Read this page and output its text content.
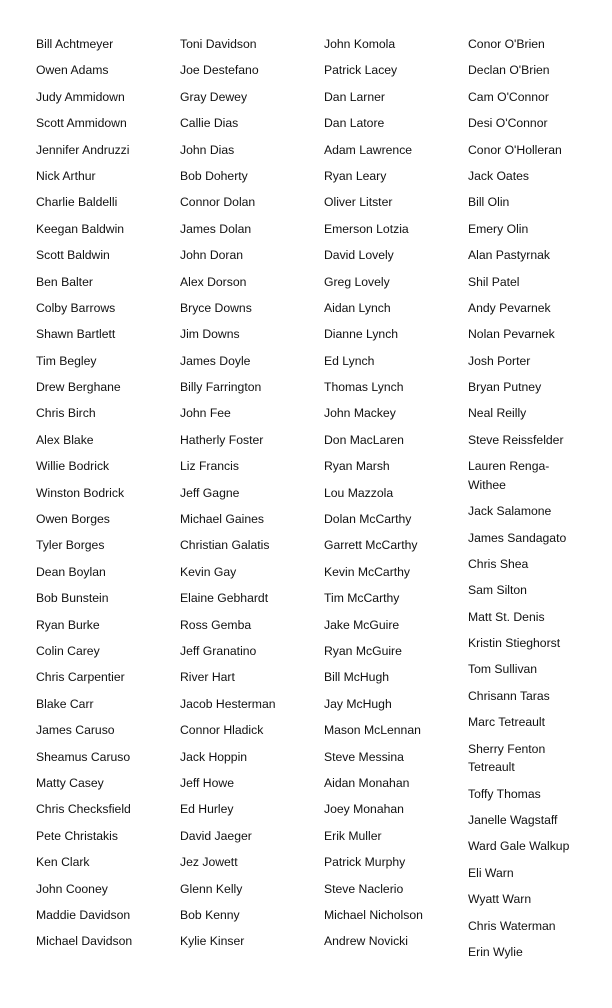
Bill Achtmeyer
Owen Adams
Judy Ammidown
Scott Ammidown
Jennifer Andruzzi
Nick Arthur
Charlie Baldelli
Keegan Baldwin
Scott Baldwin
Ben Balter
Colby Barrows
Shawn Bartlett
Tim Begley
Drew Berghane
Chris Birch
Alex Blake
Willie Bodrick
Winston Bodrick
Owen Borges
Tyler Borges
Dean Boylan
Bob Bunstein
Ryan Burke
Colin Carey
Chris Carpentier
Blake Carr
James Caruso
Sheamus Caruso
Matty Casey
Chris Checksfield
Pete Christakis
Ken Clark
John Cooney
Maddie Davidson
Michael Davidson
Toni Davidson
Joe Destefano
Gray Dewey
Callie Dias
John Dias
Bob Doherty
Connor Dolan
James Dolan
John Doran
Alex Dorson
Bryce Downs
Jim Downs
James Doyle
Billy Farrington
John Fee
Hatherly Foster
Liz Francis
Jeff Gagne
Michael Gaines
Christian Galatis
Kevin Gay
Elaine Gebhardt
Ross Gemba
Jeff Granatino
River Hart
Jacob Hesterman
Connor Hladick
Jack Hoppin
Jeff Howe
Ed Hurley
David Jaeger
Jez Jowett
Glenn Kelly
Bob Kenny
Kylie Kinser
John Komola
Patrick Lacey
Dan Larner
Dan Latore
Adam Lawrence
Ryan Leary
Oliver Litster
Emerson Lotzia
David Lovely
Greg Lovely
Aidan Lynch
Dianne Lynch
Ed Lynch
Thomas Lynch
John Mackey
Don MacLaren
Ryan Marsh
Lou Mazzola
Dolan McCarthy
Garrett McCarthy
Kevin McCarthy
Tim McCarthy
Jake McGuire
Ryan McGuire
Bill McHugh
Jay McHugh
Mason McLennan
Steve Messina
Aidan Monahan
Joey Monahan
Erik Muller
Patrick Murphy
Steve Naclerio
Michael Nicholson
Andrew Novicki
Conor O'Brien
Declan O'Brien
Cam O'Connor
Desi O'Connor
Conor O'Holleran
Jack Oates
Bill Olin
Emery Olin
Alan Pastyrnak
Shil Patel
Andy Pevarnek
Nolan Pevarnek
Josh Porter
Bryan Putney
Neal Reilly
Steve Reissfelder
Lauren Renga-Withee
Jack Salamone
James Sandagato
Chris Shea
Sam Silton
Matt St. Denis
Kristin Stieghorst
Tom Sullivan
Chrisann Taras
Marc Tetreault
Sherry Fenton Tetreault
Toffy Thomas
Janelle Wagstaff
Ward Gale Walkup
Eli Warn
Wyatt Warn
Chris Waterman
Erin Wylie
